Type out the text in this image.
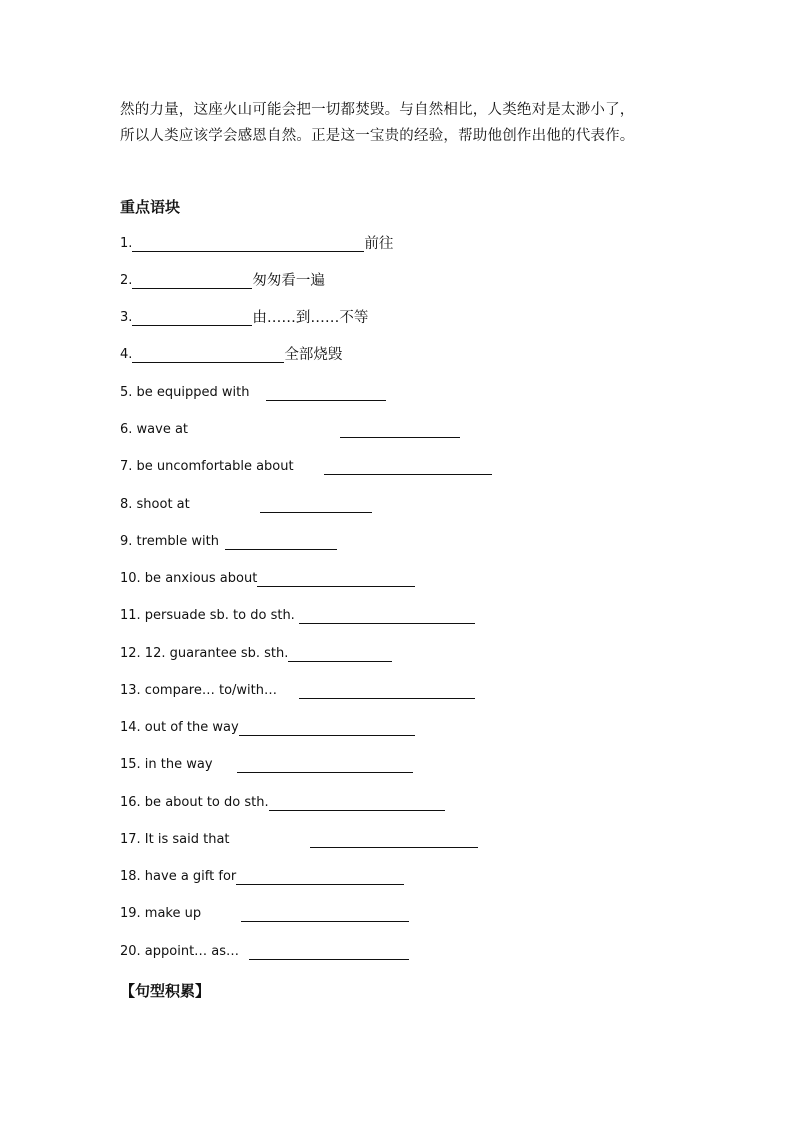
然的力量，这座火山可能会把一切都焚毁。与自然相比，人类绝对是太渺小了，

所以人类应该学会感恩自然。正是这一宝贵的经验，帮助他创作出他的代表作。

重点语块
1.	前往
2.	匆匆看一遍
3.	由……到……不等
4.	全部烧毁
5. be equipped with
6. wave at
7. be uncomfortable about
8. shoot at
9. tremble with
10. be anxious about
11. persuade sb. to do sth.
12. 12. guarantee sb. sth.
13. compare… to/with…
14. out of the way
15. in the way
16. be about to do sth.
17. It is said that
18. have a gift for
19. make up
20. appoint… as…
【句型积累】
